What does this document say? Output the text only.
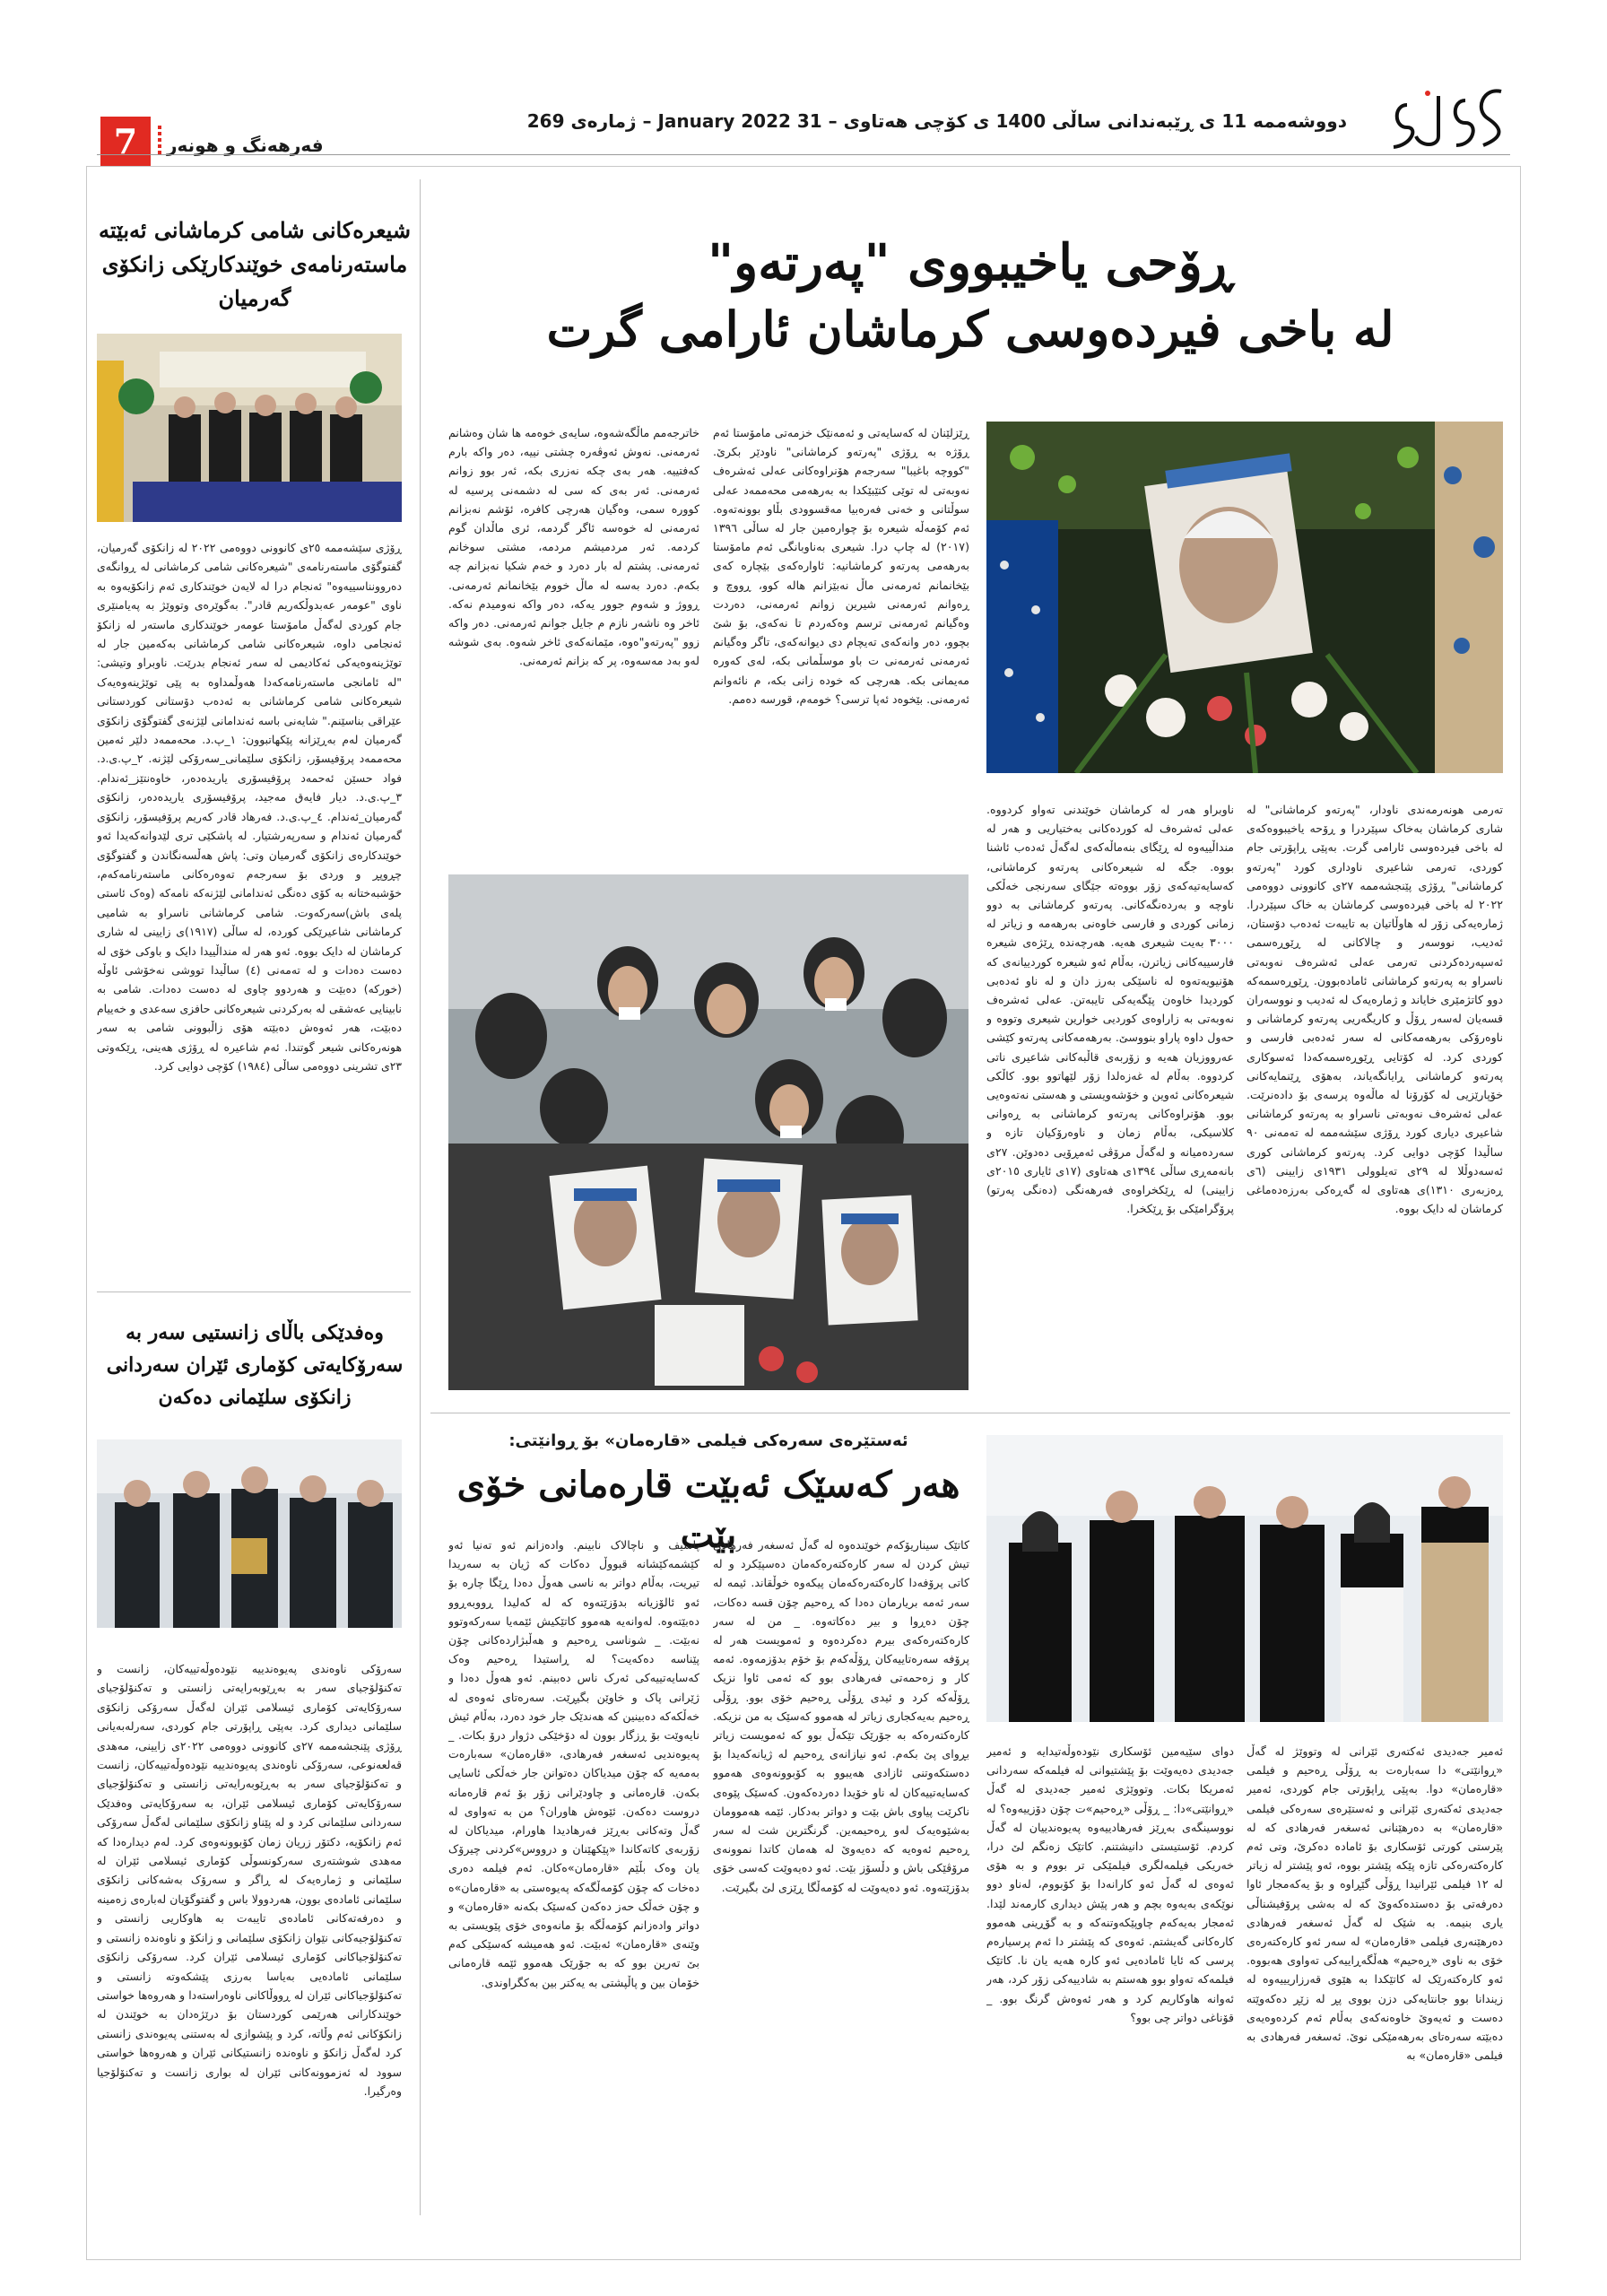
دووشەممە 11 ی ڕێبەندانی ساڵی 1400 ی کۆچی هەتاوی – 31 January 2022 – ژمارەی 269
7	فەرهەنگ و هونەر
ڕۆحی یاخیبووی "پەرتەو"
لە باخی فیردەوسی کرماشان ئارامی گرت
تەرمی هونەرمەندی ناودار، "پەرتەو کرماشانی" لە شاری کرماشان بەخاک سپێردرا و ڕۆحە یاخیبووەکەی لە باخی فیردەوسی ئارامی گرت. بەپێی ڕاپۆرتی جام کوردی، تەرمی شاعیری ناوداری کورد "پەرتەو کرماشانی" ڕۆژی پێنجشەممە ٢٧ی کانوونی دووەمی ٢٠٢٢ لە باخی فیردەوسی کرماشان بە خاک سپێردرا. ژمارەیەکی زۆر لە هاوڵاتیان بە تایبەت ئەدەب دۆستان، ئەدیب، نووسەر و چالاکانی لە ڕێوڕەسمی ئەسپەردەکردنی تەرمی عەلی ئەشرەف نەوبەتی ناسراو بە پەرتەو کرماشانی ئامادەبوون. ڕێوڕەسمەکە دوو کاتژمێری خایاند و ژمارەیەک لە ئەدیب و نووسەران قسەیان لەسەر ڕۆڵ و کاریگەریی پەرتەو کرماشانی و ناوەرۆکی بەرهەمەکانی لە سەر ئەدەبی فارسی و کوردی کرد. لە کۆتایی ڕێوڕەسمەکەدا ئەسوکاری پەرتەو کرماشانی ڕایانگەیاند، بەهۆی ڕێنمایەکانی خۆپارێزیی لە کۆرۆنا لە ماڵەوە پرسەی بۆ دادەنرێت. عەلی ئەشرەف نەوبەتی ناسراو بە پەرتەو کرماشانی شاعیری دیاری کورد ڕۆژی سێشەممە لە تەمەنی ٩٠ ساڵیدا کۆچی دوایی کرد. پەرتەو کرماشانی کوری ئەسەدوڵلا لە ٢٩ی تەیلوولی ١٩٣١ی زایینی (٦ی ڕەزبەری ١٣١٠)ی هەتاوی لە گەڕەکی بەرزەدەماغی کرماشان لە دایک بووە.
ناوبراو هەر لە کرماشان خوێندنی تەواو کردووە. عەلی ئەشرەف لە کوردەکانی بەختیاریی و هەر لە منداڵییەوە لە ڕێگای بنەماڵەکەی لەگەڵ ئەدەب ئاشنا بووە. جگە لە شیعرەکانی پەرتەو کرماشانی، کەسایەتیەکەی زۆر بووەتە جێگای سەرنجی خەڵکی ناوچە و بەردەنگەکانی. پەرتەو کرماشانی بە دوو زمانی کوردی و فارسی خاوەنی بەرهەمە و زیاتر لە ٣٠٠٠ بەیت شیعری هەیە. هەرچەندە ڕێژەی شیعرە فارسییەکانی زیاترن، بەڵام ئەو شیعرە کوردییانەی کە هۆنیویەتەوە لە ناسێکی بەرز دان و لە ناو ئەدەبی کوردیدا خاوەن پێگەیەکی تایبەتن. عەلی ئەشرەف نەوبەتی بە زاراوەی کوردیی خوارین شیعری وتووە و حەول داوە پاراو بنووسێ. بەرهەمەکانی پەرتەو کێشی عەرووزیان هەیە و زۆربەی قاڵبەکانی شاعیری ناتی کردووە. بەڵام لە غەزەلدا زۆر لێهاتوو بوو. کاڵکی شیعرەکانی ئەوین و خۆشەویستی و هەستی نەتەوەیی بوو. هۆنراوەکانی پەرتەو کرماشانی بە ڕەوانی کلاسیکی، بەڵام زمان و ناوەرۆکیان تازە و سەردەمیانە و لەگەڵ مرۆڤی ئەمڕۆیی دەدوێن. ٢٧ی بانەمەڕی ساڵی ١٣٩٤ی هەتاوی (١٧ی ئایاری ٢٠١٥ی زایینی) لە ڕێکخراوەی فەرهەنگی (دەنگی پەرتو) پرۆگرامێکی بۆ ڕێکخرا.
ڕێزلێنان لە کەسایەتی و ئەمەنێک خزمەتی مامۆستا ئەم ڕۆژە بە ڕۆژی "پەرتەو کرماشانی" ناودێر بکرێ. "کووچە باغیبا" سەرجەم هۆنراوەکانی عەلی ئەشرەف نەوبەتی لە توێی کتێبێکدا بە بەرهەمی محەممەد عەلی سوڵتانی و خەنی فەرەبیا مەقسوودی بڵاو بوونەتەوە. ئەم کۆمەڵە شیعرە بۆ چوارەمین جار لە ساڵی ١٣٩٦ (٢٠١٧) لە چاپ درا. شیعری بەناوبانگی ئەم مامۆستا بەرهەمی پەرتەو کرماشانیە: ئاوارەکەی بێچارە کەی بێخانمانم ئەرمەنی ماڵ نەبێزانم هالە کوو، ڕووچ و ڕەوانم ئەرمەنی شیرین زوانم ئەرمەنی، دەردت وەگیانم ئەرمەنی ترسم وەکەردم تا نەکەی، بۆ شێ بچوو، دەر وانەکەی تەیچام دی دیوانەکەی، تاگر وەگیانم ئەرمەنی ئەرمەنی ت باو موسڵمانی بکە، لەی کەورە مەیمانی بکە. هەرچی کە خودە زانی بکە، م نائەوانم ئەرمەنی. بێخوەد ئەپا ترسی؟ خومەم، قورسە دەمم.
خاترجەمم ماڵگەشەوە، سایەی خوەمە ها شان وەشانم ئەرمەنی. نەوش ئەوڤەرە چشتی نییە، دەر واکە بارم کەفتییە. هەر بەی چکە نەزری بکە، ئەر بوو زوانم ئەرمەنی. ئەر بەی کە سی لە دشمەنی پرسیە لە کووره سمی، وەگیان هەرچی کافرە، ئۆشم نەبزانم ئەرمەنی لە خوەسە ئاگر گردمە، ئری ماڵدان گوم کردمە. ئەر مردمیشم مردمە، مشتی سوخانم ئەرمەنی. پشتم لە بار دەرد و خەم شکیا نەبزانم چە بکەم. دەرد بەسە لە ماڵ خووم بێخانمانم ئەرمەنی. ڕووژ و شەوم جوور یەکە، دەر واکە نەومیدم نەکە. ئاخر وە ناشەر نازم م جایل جوانم ئەرمەنی. دەر واکە زوو "پەرتەو"ەوە، مێمانەکەی ئاخر شەوە. بەی شوشە لەو بەد مەسەوە، پر کە بزانم ئەرمەنی.
شیعرەکانی شامی کرماشانی ئەبێتە ماستەرنامەی خوێندکارێکی زانکۆی گەرمیان
ڕۆژی سێشەممە ٢٥ی کانوونی دووەمی ٢٠٢٢ لە زانکۆی گەرمیان، گفتوگۆی ماستەرنامەی "شیعرەکانی شامی کرماشانی لە ڕوانگەی دەروونناسییەوە" ئەنجام درا لە لایەن خوێندکاری ئەم زانکۆیەوە بە ناوی "عومەر عەبدوڵکەریم قادر". بەگوێرەی وتووێژ بە پەیامنێری جام کوردی لەگەڵ مامۆستا عومەر خوێندکاری ماستەر لە زانکۆ ئەنجامی داوە، شیعرەکانی شامی کرماشانی بەکەمین جار لە توێژینەوەیەکی ئەکادیمی لە سەر ئەنجام بدرێت. ناوبراو وتیشی: "لە ئامانجی ماستەرنامەکەدا هەوڵمداوە بە پێی توێژینەوەیەک شیعرەکانی شامی کرماشانی بە ئەدەب دۆستانی کوردستانی عێراقی بناسێنم." شایەنی باسە ئەندامانی لێژنەی گفتوگۆی زانکۆی گەرمیان لەم بەڕێزانە پێکهاتبوون: ١_پ.د. محەممەد دلێر ئەمین محەممەد پرۆفیسۆر، زانکۆی سلێمانی_سەرۆکی لێژنە. ٢_پ.ی.د. فواد حسێن ئەحمەد پرۆفیسۆری یاریدەدەر، خاوەنتێز_ئەندام. ٣_پ.ی.د. دیار فایەق مەجید، پرۆفیسۆری یاریدەدەر، زانکۆی گەرمیان_ئەندام. ٤_پ.ی.د. فەرهاد قادر کەریم پرۆفیسۆر، زانکۆی گەرمیان ئەندام و سەرپەرشتیار. لە پاشکێی تری لێدوانەکەیدا ئەو خوێندکارەی زانکۆی گەرمیان وتی: پاش هەڵسەنگاندن و گفتوگۆی چڕوپڕ و وردی بۆ سەرجەم تەوەرەکانی ماستەرنامەکەم، خۆشبەختانە بە کۆی دەنگی ئەندامانی لێژنەکە نامەکە (وەک ئاستی پلەی باش)سەرکەوت. شامی کرماشانی ناسراو بە شامیی کرماشانی شاعیرێکی کوردە، لە ساڵی (١٩١٧)ی زایینی لە شاری کرماشان لە دایک بووە. ئەو هەر لە منداڵییدا دایک و باوکی خۆی لە دەست دەدات و لە تەمەنی (٤) ساڵیدا تووشی نەخۆشی ئاوڵە (خورکە) دەبێت و هەردوو چاوی لە دەست دەدات. شامی بە نابینایی عەشقی لە بەرکردنی شیعرەکانی حافزی سەعدی و خەییام دەبێت، هەر ئەوەش دەبێتە هۆی زاڵبوونی شامی بە سەر هونەرەکانی شیعر گوتندا. ئەم شاعیرە لە ڕۆژی هەینی، ڕێکەوتی ٢٣ی تشرینی دووەمی ساڵی (١٩٨٤) کۆچی دوایی کرد.
وەفدێکی باڵای زانستیی سەر بە سەرۆکایەتی کۆماری ئێران سەردانی زانکۆی سلێمانی دەکەن
سەرۆکی ناوەندی پەیوەندییە نێودەوڵەتییەکان، زانست و تەکنۆلۆجیای سەر بە بەڕێوبەرایەتی زانستی و تەکنۆلۆجیای سەرۆکایەتی کۆماری ئیسلامی ئێران لەگەڵ سەرۆکی زانکۆی سلێمانی دیداری کرد. بەپێی ڕاپۆرتی جام کوردی، سەرلەبەیانی ڕۆژی پێنجشەممە ٢٧ی کانوونی دووەمی ٢٠٢٢ی زایینی، مەهدی قەلعەنوعی، سەرۆکی ناوەندی پەیوەندییە نێودەوڵەتییەکان، زانست و تەکنۆلۆجیای سەر بە بەڕێوبەرایەتی زانستی و تەکنۆلۆجیای سەرۆکایەتی کۆماری ئیسلامی ئێران، بە سەرۆکایەتی وەفدێک سەردانی سلێمانی کرد و لە پێناو زانکۆی سلێمانی لەگەڵ سەرۆکی ئەم زانکۆیە، دکتۆر زریان زمان کۆبوونەوەی کرد. لەم دیدارەدا کە مەهدی شوشتەری سەرکونسوڵی کۆماری ئیسلامی ئێران لە سلێمانی و ژمارەیەک لە ڕاگر و سەرۆک بەشەکانی زانکۆی سلێمانی ئامادەی بوون، هەردوولا باس و گفتوگۆیان لەبارەی زەمینە و دەرفەتەکانی ئامادەی تایبەت بە هاوکاریی زانستی و تەکنۆلۆجیەکانی نێوان زانکۆی سلێمانی و زانکۆ و ناوەندە زانستی و تەکنۆلۆجیاکانی کۆماری ئیسلامی ئێران کرد. سەرۆکی زانکۆی سلێمانی ئامادەیی بەیاسا بەرزی پێشکەوتە زانستی و تەکنۆلۆجیاکانی ئێران لە ڕووڵاکانی ناوەراستەدا و هەروەها خواستی خوێندکارانی هەرێمی کوردستان بۆ درێژەدان بە خوێندن لە زانکۆکانی ئەم وڵاتە، کرد و پێشوازی لە بەستنی پەیوەندی زانستی کرد لەگەڵ زانکۆ و ناوەندە زانستیکانی ئێران و هەروەها خواستی سوود لە ئەزموونەکانی ئێران لە بواری زانست و تەکنۆلۆجیا وەرگیرا.
ئەستێرەی سەرەکی فیلمی «قارەمان» بۆ ڕوانێتی:
هەر کەسێک ئەبێت قارەمانی خۆی بێت
ئەمیر جەدیدی ئەکتەری ئێرانی لە وتووێژ لە گەڵ «ڕوانێتی» دا سەبارەت بە ڕۆڵی ڕەحیم و فیلمی «قارەمان» دوا. بەپێی ڕاپۆرتی جام کوردی، ئەمیر جەدیدی ئەکتەری ئێرانی و ئەستێرەی سەرەکی فیلمی «قارەمان» بە دەرهێنانی ئەسغەر فەرهادی کە لە پێرستی کورتی ئۆسکاری بۆ ئامادە دەکرێ، وتی ئەم کارەکتەرەکی تازە پێکە پێشتر بووە، ئەو پێشتر لە زیاتر لە ١٢ فیلمی ئێرانیدا ڕۆڵی گێڕاوە و بۆ یەکەمجار ئاوا دەرفەتی بۆ دەستدەکەوێ کە لە بەشی پرۆفیشناڵی یاری بنیمە. بە شێک لە گەڵ ئەسغەر فەرهادی دەرهێنەری فیلمی «قارەمان» لە سەر ئەو کارەکتەرەی خۆی بە ناوی «ڕەحیم» هەڵگەڕاییەکی تەواوی هەبووە. ئەو کارەکتەرێک لە کاتێکدا بە هێوی قەرزاریییەوە لە زیندانا بوو جانتایەکی دزن بووی پڕ لە زێڕ دەکەوێتە دەست و ئەیەوێ خاوەنەکەی بەڵام ئەم کردەوەیەی دەبێتە سەرەتای بەرهەمێکی نوێ. ئەسغەر فەرهادی بە فیلمی «قارەمان» بە
دوای سێیەمین ئۆسکاری نێودەوڵەتیدایە و ئەمیر جەدیدی دەیەوێت بۆ پێشتیوانی لە فیلمەکە سەردانی ئەمریکا بکات. وتووێژی ئەمیر جەدیدی لە گەڵ «ڕوانێتی»دا: _ ڕۆڵی «ڕەحیم»ت چۆن دۆزییەوە؟ لە نووسینگەی بەڕێز فەرهادییەوە پەیوەندییان لە گەڵ کردم. ئۆستیستی دانیشتنم. کاتێک زەنگم لێ درا، خەریکی فیلمەلگری فیلمێکی تر بووم و بە هۆی ئەوەی لە گەڵ ئەو کارانەدا بۆ کۆبووم، لەناو دوو نوێکەی بەیەوە بچم و هەر پێش دیداری کارمەند لێدا. ئەمجار بەیەکەم چاوپێکەوتنەکە و بە گۆڕینی هەموو کارەکانی گەیشتم. ئەوەی کە پێشتر دا ئەم پرسیارەم پرسی کە ئایا ئامادەیی ئەو کارە هەیە یان نا. کاتێک فیلمەکە تەواو بوو هەستم بە شادییەکی زۆر کرد، هەر ئەوانە هاوکاریم کرد و هەر ئەوەش گرنگ بوو. _ قۆناغی دواتر چی بوو؟
کاتێک سیناریۆکەم خوێندەوە لە گەڵ ئەسغەر فەرهادی تیش کردن لە سەر کارەکتەرەکەمان دەسپێکرد و لە کاتی پرۆفەدا کارەکتەرەکەمان پیکەوە خوڵقاند. ئیمە لە سەر ئەمە بریارمان دەدا کە ڕەحیم چۆن قسە دەکات، چۆن دەڕوا و بیر دەکاتەوە. _ من لە سەر کارەکتەرەکەی بیرم دەکردەوە و ئەمویست هەر لە پرۆفە سەرەتاییەکان ڕۆڵەکەم بۆ خۆم بدۆزمەوە. ئەمە کار و زەحمەتی فەرهادی بوو کە ئەمی ئاوا نزیک ڕۆڵەکە کرد و ئیدی ڕۆڵی ڕەحیم خۆی بوو. ڕۆڵی ڕەحیم بەیەکجاری زیاتر لە هەموو کەسێک بە من نزیکە. کارەکتەرەکە بە جۆرێک تێکەڵ بوو کە ئەمویست زیاتر بڕوای پێ بکەم. ئەو نیازانەی ڕەحیم لە ژیانەکەیدا بۆ دەستکەوتنی ئازادی هەیبوو بە کۆبوونەوەی هەموو کەسایەتییەکان لە ناو خۆیدا دەردەکەون. کەسێک پێوەی ناکرێت پیاوی باش بێت و دواتر بەدکار. ئێمە هەموومان بەشێوەیەک لەو ڕەحیمەین. گرنگترین شت لە سەر ڕەحیم ئەوەیە کە دەیەوێ لە هەمان کاتدا نموونەی مرۆڤێکی باش و دڵسۆز بێت. ئەو دەیەوێت کەسی خۆی بدۆزێتەوە. ئەو دەیەوێت لە کۆمەڵگا ڕێزی لێ بگیرێت.
پاسیف و ناچالاک نابینم. وادەزانم ئەو تەنیا ئەو کێشمەکێشانە قبووڵ دەکات کە ژیان بە سەریدا تیریت، بەڵام دواتر بە ناسی هەوڵ دەدا ڕێگا چارە بۆ ئەو ئالۆزیانە بدۆزێتەوە کە لە کەلیدا ڕووبەڕوو دەبێتەوە. لەوانەیە هەموو کاتێکیش ئێمەیا سەرکەوتوو نەبێت. _ شوناسی ڕەحیم و هەڵبژاردەکانی چۆن پێناسە دەکەیت؟ لە ڕاستیدا ڕەحیم وەک کەسایەتییەکی ئەرک ناس دەبینم. ئەو هەوڵ دەدا و ژێرانی پاک و خاوێن بگیڕێت. سەرەتای ئەوەی لە خەڵکەکە دەبینین کە هەندێک جار خود دەرد، بەڵام ئیش نایەوێت بۆ ڕزگار بوون لە دۆخێکی دژوار درۆ بکات. _ پەیوەندیی ئەسغەر فەرهادی، «قارەمان» سەبارەت بەمەیە کە چۆن میدیاکان دەتوانن جار خەڵکی ئاسایی بکەن. قارەمانی و چاودێرانی زۆر بۆ ئەم قارەمانە دروست دەکەن. ئێوەش هاوران؟ من بە تەواوی لە گەڵ وتەکانی بەڕێز فەرهادیدا هاورام، میدیاکان لە زۆربەی کاتەکاندا «پێکهێنان و درووس»کردنی چیرۆک یان وەک بڵێم «قارەمان»ەکان. ئەم فیلمە دەری دەخات کە چۆن کۆمەڵگەکە پەیوەستی بە «قارەمان»ە و چۆن خەڵک حەز دەکەن کەسێک بکەنە «قارەمان» و دواتر وادەزانم کۆمەڵگە بۆ مانەوەی خۆی پێویستی بە وێنەی «قارەمان» ئەبێت. ئەو هەمیشە کەسێکی کەم بێ تەرین بوو کە بە جۆرێک هەموو ئێمە قارەمانی خۆمان بین و پاڵپشتی بە یەکتر بین بەکگراوندی.
